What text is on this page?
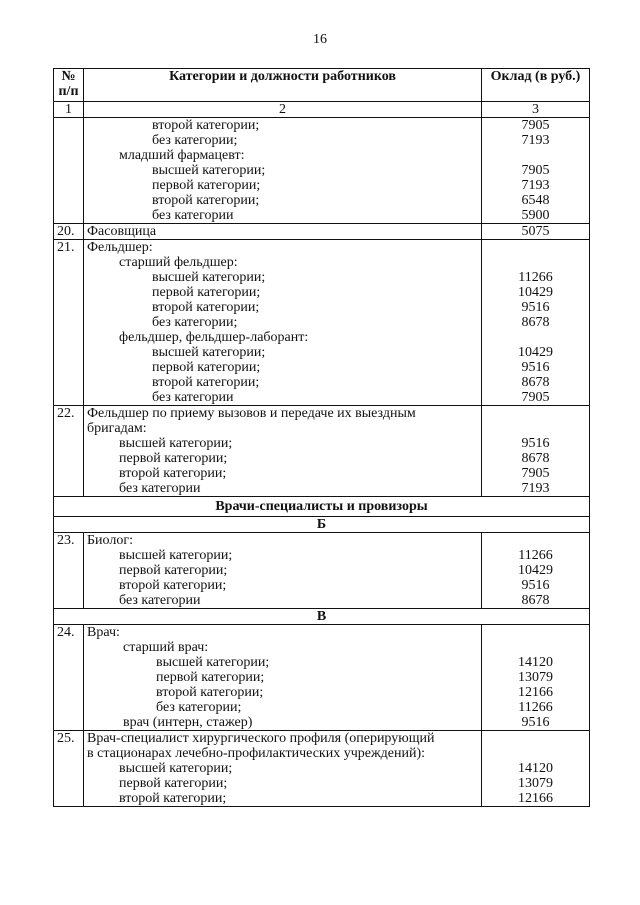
16
№ п/п	Категории и должности работников	Оклад (в руб.)
1	2	3
	второй категории;	7905
	без категории;	7193
	младший фармацевт:	
	высшей категории;	7905
	первой категории;	7193
	второй категории;	6548
	без категории	5900
20.	Фасовщица	5075
21.	Фельдшер:	
	старший фельдшер:	
	высшей категории;	11266
	первой категории;	10429
	второй категории;	9516
	без категории;	8678
	фельдшер, фельдшер-лаборант:	
	высшей категории;	10429
	первой категории;	9516
	второй категории;	8678
	без категории	7905
22.	Фельдшер по приему вызовов и передаче их выездным	
	бригадам:	
	высшей категории;	9516
	первой категории;	8678
	второй категории;	7905
	без категории	7193
Врачи-специалисты и провизоры		
Б		
23.	Биолог:	
	высшей категории;	11266
	первой категории;	10429
	второй категории;	9516
	без категории	8678
В		
24.	Врач:	
	старший врач:	
	высшей категории;	14120
	первой категории;	13079
	второй категории;	12166
	без категории;	11266
	врач (интерн, стажер)	9516
25.	Врач-специалист хирургического профиля (оперирующий	
	в стационарах лечебно-профилактических учреждений):	
	высшей категории;	14120
	первой категории;	13079
	второй категории;	12166
